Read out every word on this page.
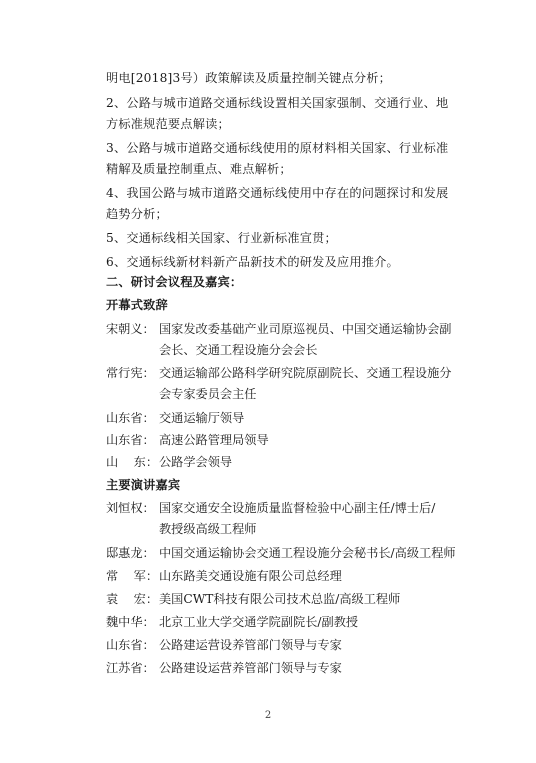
明电[2018]3号）政策解读及质量控制关键点分析；
2、公路与城市道路交通标线设置相关国家强制、交通行业、地
方标准规范要点解读；
3、公路与城市道路交通标线使用的原材料相关国家、行业标准
精解及质量控制重点、难点解析；
4、我国公路与城市道路交通标线使用中存在的问题探讨和发展
趋势分析；
5、交通标线相关国家、行业新标准宣贯；
6、交通标线新材料新产品新技术的研发及应用推介。
二、研讨会议程及嘉宾：
开幕式致辞
宋朝义： 国家发改委基础产业司原巡视员、中国交通运输协会副
会长、交通工程设施分会会长
常行宪： 交通运输部公路科学研究院原副院长、交通工程设施分
会专家委员会主任
山东省： 交通运输厅领导
山东省： 高速公路管理局领导
山    东： 公路学会领导
主要演讲嘉宾
刘恒权： 国家交通安全设施质量监督检验中心副主任/博士后/
教授级高级工程师
邸惠龙： 中国交通运输协会交通工程设施分会秘书长/高级工程师
常    军： 山东路美交通设施有限公司总经理
袁    宏： 美国CWT科技有限公司技术总监/高级工程师
魏中华： 北京工业大学交通学院副院长/副教授
山东省： 公路建运营设养管部门领导与专家
江苏省： 公路建设运营养管部门领导与专家
2
